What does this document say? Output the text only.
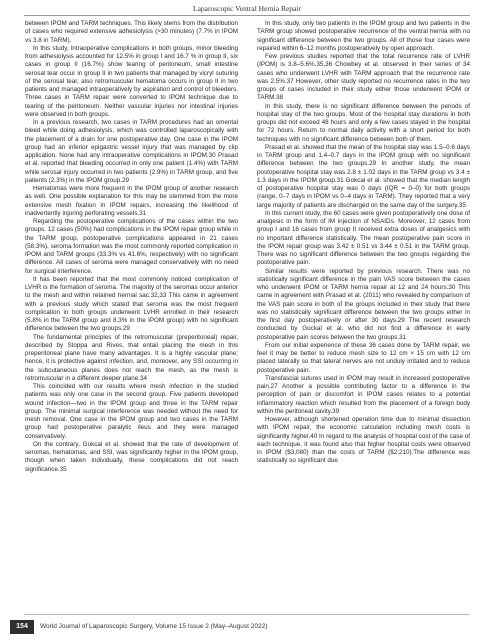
Laparoscopic Ventral Hernia Repair

between IPOM and TARM techniques. This likely stems from the distribution of cases who required extensive adhesiolysis (>30 minutes) (7.7% in IPOM vs 3.8 in TARM).

In this study, intraoperative complications in both groups, minor bleeding from adhesiolysis accounted for 12.5% in group I and 16.7 % in group II, six cases in group II (16.7%) show tearing of peritoneum, small intestine serosal tear occur in group II in two patients that managed by vicryl suturing of the serosal tear, also retromuscular hematoma occurs in group II in two patients and managed intraoperatively by aspiration and control of bleeders. Three cases in TARM repair were converted to IPOM technique due to tearing of the peritoneum. Neither vascular injuries nor intestinal injuries were observed in both groups.

In a previous research, two cases in TARM procedures had an omental bleed while doing adhesiolysis, which was controlled laparoscopically with the placement of a drain for one postoperative day. One case in the IPOM group had an inferior epigastric vessel injury that was managed by clip application. None had any intraoperative complications in IPOM.30 Prasad et al. reported that bleeding occurred in only one patient (1.4%) with TARM while serosal injury occurred in two patients (2.9%) in TARM group, and five patients (2.3%) in the IPOM group.29

Hematomas were more frequent in the IPOM group of another research as well. One possible explanation for this may be stemmed from the more extensive mesh fixation in IPOM repairs, increasing the likelihood of inadvertently injuring perforating vessels.31

Regarding the postoperative complications of the cases within the two groups. 12 cases (50%) had complications in the IPOM repair group while in the TARM group, postoperative complications appeared in 21 cases (58.3%). seroma formation was the most commonly reported complication in IPOM and TARM groups (33.3% vs 41.6%, respectively) with no significant difference. All cases of seroma were managed conservatively with no need for surgical interference.

It has been reported that the most commonly noticed complication of LVHR is the formation of seroma. The majority of the seromas occur anterior to the mesh and within retained hernial sac.32,33 This came in agreement with a previous study which stated that seroma was the most frequent complication in both groups underwent LVHR enrolled in their research (5.8% in the TARM group and 8.3% in the IPOM group) with no significant difference between the two groups.29

The fundamental principles of the retromuscular (preperitoneal) repair, described by Stoppa and Rives, that entail placing the mesh in this preperitoneal plane have many advantages. It is a highly vascular plane; hence, it is protective against infection, and, moreover, any SSI occurring in the subcutaneous planes does not reach the mesh, as the mesh is retromuscular in a different deeper plane.34

This coincided with our results where mesh infection in the studied patients was only one case in the second group. Five patients developed wound infection—two in the IPOM group and three in the TARM repair group. The minimal surgical interference was needed without the need for mesh removal. One case in the IPOM group and two cases in the TARM group had postoperative paralytic ileus and they were managed conservatively.

On the contrary, Gokcal et al. showed that the rate of development of seromas, hematomas, and SSI, was significantly higher in the IPOM group, though when taken individually, these complications did not reach significance.35

In this study, only two patients in the IPOM group and two patients in the TARM group showed postoperative recurrence of the ventral hernia with no significant difference between the two groups. All of those four cases were repaired within 6–12 months postoperatively by open approach.

Few previous studies reported that the total recurrence rate of LVHR (IPOM) is 3.8–5.6%.35,36 Chowbey et al. observed in their series of 34 cases who underwent LVHR with TARM approach that the recurrence rate was 2.5%.37 However, other study reported no recurrence rates in the two groups of cases included in their study either those underwent IPOM or TARM.38

In this study, there is no significant difference between the periods of hospital stay of the two groups. Most of the hospital stay durations in both groups did not exceed 48 hours and only a few cases stayed in the hospital for 72 hours. Return to normal daily activity with a short period for both techniques with no significant difference between both of them.

Prasad et al. showed that the mean of the hospital stay was 1.5–0.6 days in TARM group and 1.4–0.7 days in the IPOM group with no significant difference between the two groups.29 In another study, the mean postoperative hospital stay was 2.8 ± 1.02 days in the TARM group vs 3.4 ± 1.3 days in the IPOM group.31 Gokcal et al. showed that the median length of postoperative hospital stay was 0 days (IQR = 0–0) for both groups (range, 0–7 days in IPOM vs 0–4 days in TARM). They reported that a very large majority of patients are discharged on the same day of the surgery.35

In this current study, the 60 cases were given postoperatively one dose of analgesic in the form of IM injection of NSAIDs. Moreover, 12 cases from group I and 16 cases from group II received extra doses of analgesics with no important difference statistically. The mean postoperative pain score in the IPOM repair group was 3.42 ± 0.51 vs 3.44 ± 0.51 in the TARM group. There was no significant difference between the two groups regarding the postoperative pain.

Similar results were reported by previous research. There was no statistically significant difference in the pain VAS score between the cases who underwent IPOM or TARM hernia repair at 12 and 24 hours.30 This came in agreement with Prasad et al. (2011) who revealed by comparison of the VAS pain score in both of the groups included in their study that there was no statistically significant difference between the two groups either in the first day postoperatively or after 30 days.29 The recent research conducted by Gockal et al. who did not find a difference in early postoperative pain scores between the two groups.31

From our initial experience of these 36 cases done by TARM repair, we feel it may be better to reduce mesh size to 12 cm × 15 cm with 12 cm placed laterally so that lateral nerves are not unduly irritated and to reduce postoperative pain.

Transfascial sutures used in IPOM may result in increased postoperative pain.27 Another a possible contributing factor to a difference in the perception of pain or discomfort in IPOM cases relates to a potential inflammatory reaction which resulted from the placement of a foreign body within the peritoneal cavity.39

However, although shortened operation time due to minimal dissection with IPOM repair, the economic calculation including mesh costs is significantly higher.40 In regard to the analysis of hospital cost of the case of each technique, it was found also that higher hospital costs were observed in IPOM ($3,080) than the costs of TARM ($2,210).The difference was statistically so significant due

154	World Journal of Laparoscopic Surgery, Volume 15 Issue 2 (May–August 2022)
